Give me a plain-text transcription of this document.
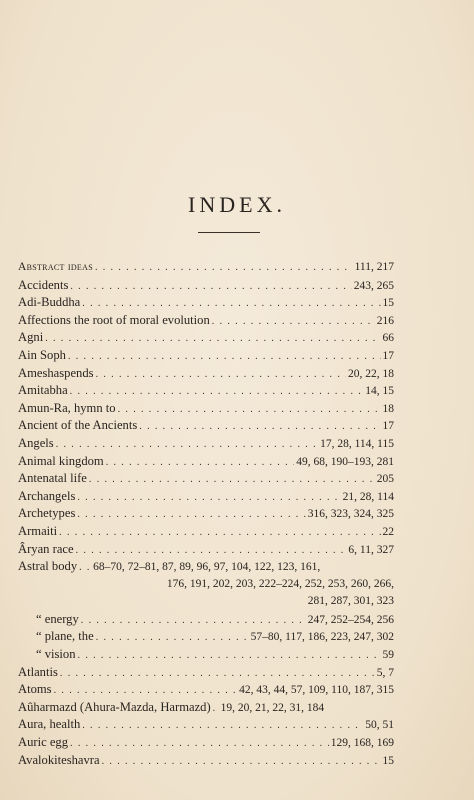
INDEX.
Abstract ideas . . .	111, 217
Accidents . . .	243, 265
Adi-Buddha . . .	15
Affections the root of moral evolution . . .	216
Agni . . .	66
Ain Soph . . .	17
Ameshaspends . . .	20, 22, 18
Amitabha . . .	14, 15
Amun-Ra, hymn to . . .	18
Ancient of the Ancients . . .	17
Angels . . .	17, 28, 114, 115
Animal kingdom . . .	49, 68, 190–193, 281
Antenatal life . . .	205
Archangels . . .	21, 28, 114
Archetypes . . .	316, 323, 324, 325
Armaiti . . .	22
Âryan race . . .	6, 11, 327
Astral body . . . 68–70, 72–81, 87, 89, 96, 97, 104, 122, 123, 161,
176, 191, 202, 203, 222–224, 252, 253, 260, 266,
281, 287, 301, 323
“ energy . . .	247, 252–254, 256
“ plane, the . . .	57–80, 117, 186, 223, 247, 302
“ vision . . .	59
Atlantis . . .	5, 7
Atoms . . .	42, 43, 44, 57, 109, 110, 187, 315
Aûharmazd (Ahura-Mazda, Harmazd) . . . 19, 20, 21, 22, 31, 184
Aura, health . . .	50, 51
Auric egg . . .	129, 168, 169
Avalokiteshavra . . .	15
